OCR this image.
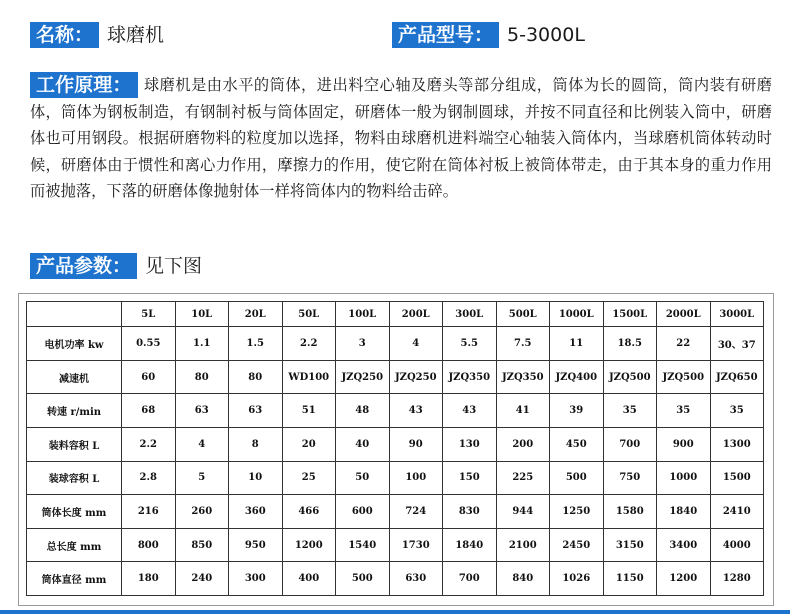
名称： 球磨机	产品型号： 5-3000L
工作原理： 球磨机是由水平的筒体，进出料空心轴及磨头等部分组成，筒体为长的圆筒，筒内装有研磨体，筒体为钢板制造，有钢制衬板与筒体固定，研磨体一般为钢制圆球，并按不同直径和比例装入筒中，研磨体也可用钢段。根据研磨物料的粒度加以选择，物料由球磨机进料端空心轴装入筒体内，当球磨机筒体转动时候，研磨体由于惯性和离心力作用，摩擦力的作用，使它附在筒体衬板上被筒体带走，由于其本身的重力作用而被抛落，下落的研磨体像抛射体一样将筒体内的物料给击碎。
产品参数： 见下图
	5L	10L	20L	50L	100L	200L	300L	500L	1000L	1500L	2000L	3000L
电机功率 kw	0.55	1.1	1.5	2.2	3	4	5.5	7.5	11	18.5	22	30、37
减速机	60	80	80	WD100	JZQ250	JZQ250	JZQ350	JZQ350	JZQ400	JZQ500	JZQ500	JZQ650
转速 r/min	68	63	63	51	48	43	43	41	39	35	35	35
装料容积 L	2.2	4	8	20	40	90	130	200	450	700	900	1300
装球容积 L	2.8	5	10	25	50	100	150	225	500	750	1000	1500
筒体长度 mm	216	260	360	466	600	724	830	944	1250	1580	1840	2410
总长度 mm	800	850	950	1200	1540	1730	1840	2100	2450	3150	3400	4000
筒体直径 mm	180	240	300	400	500	630	700	840	1026	1150	1200	1280
